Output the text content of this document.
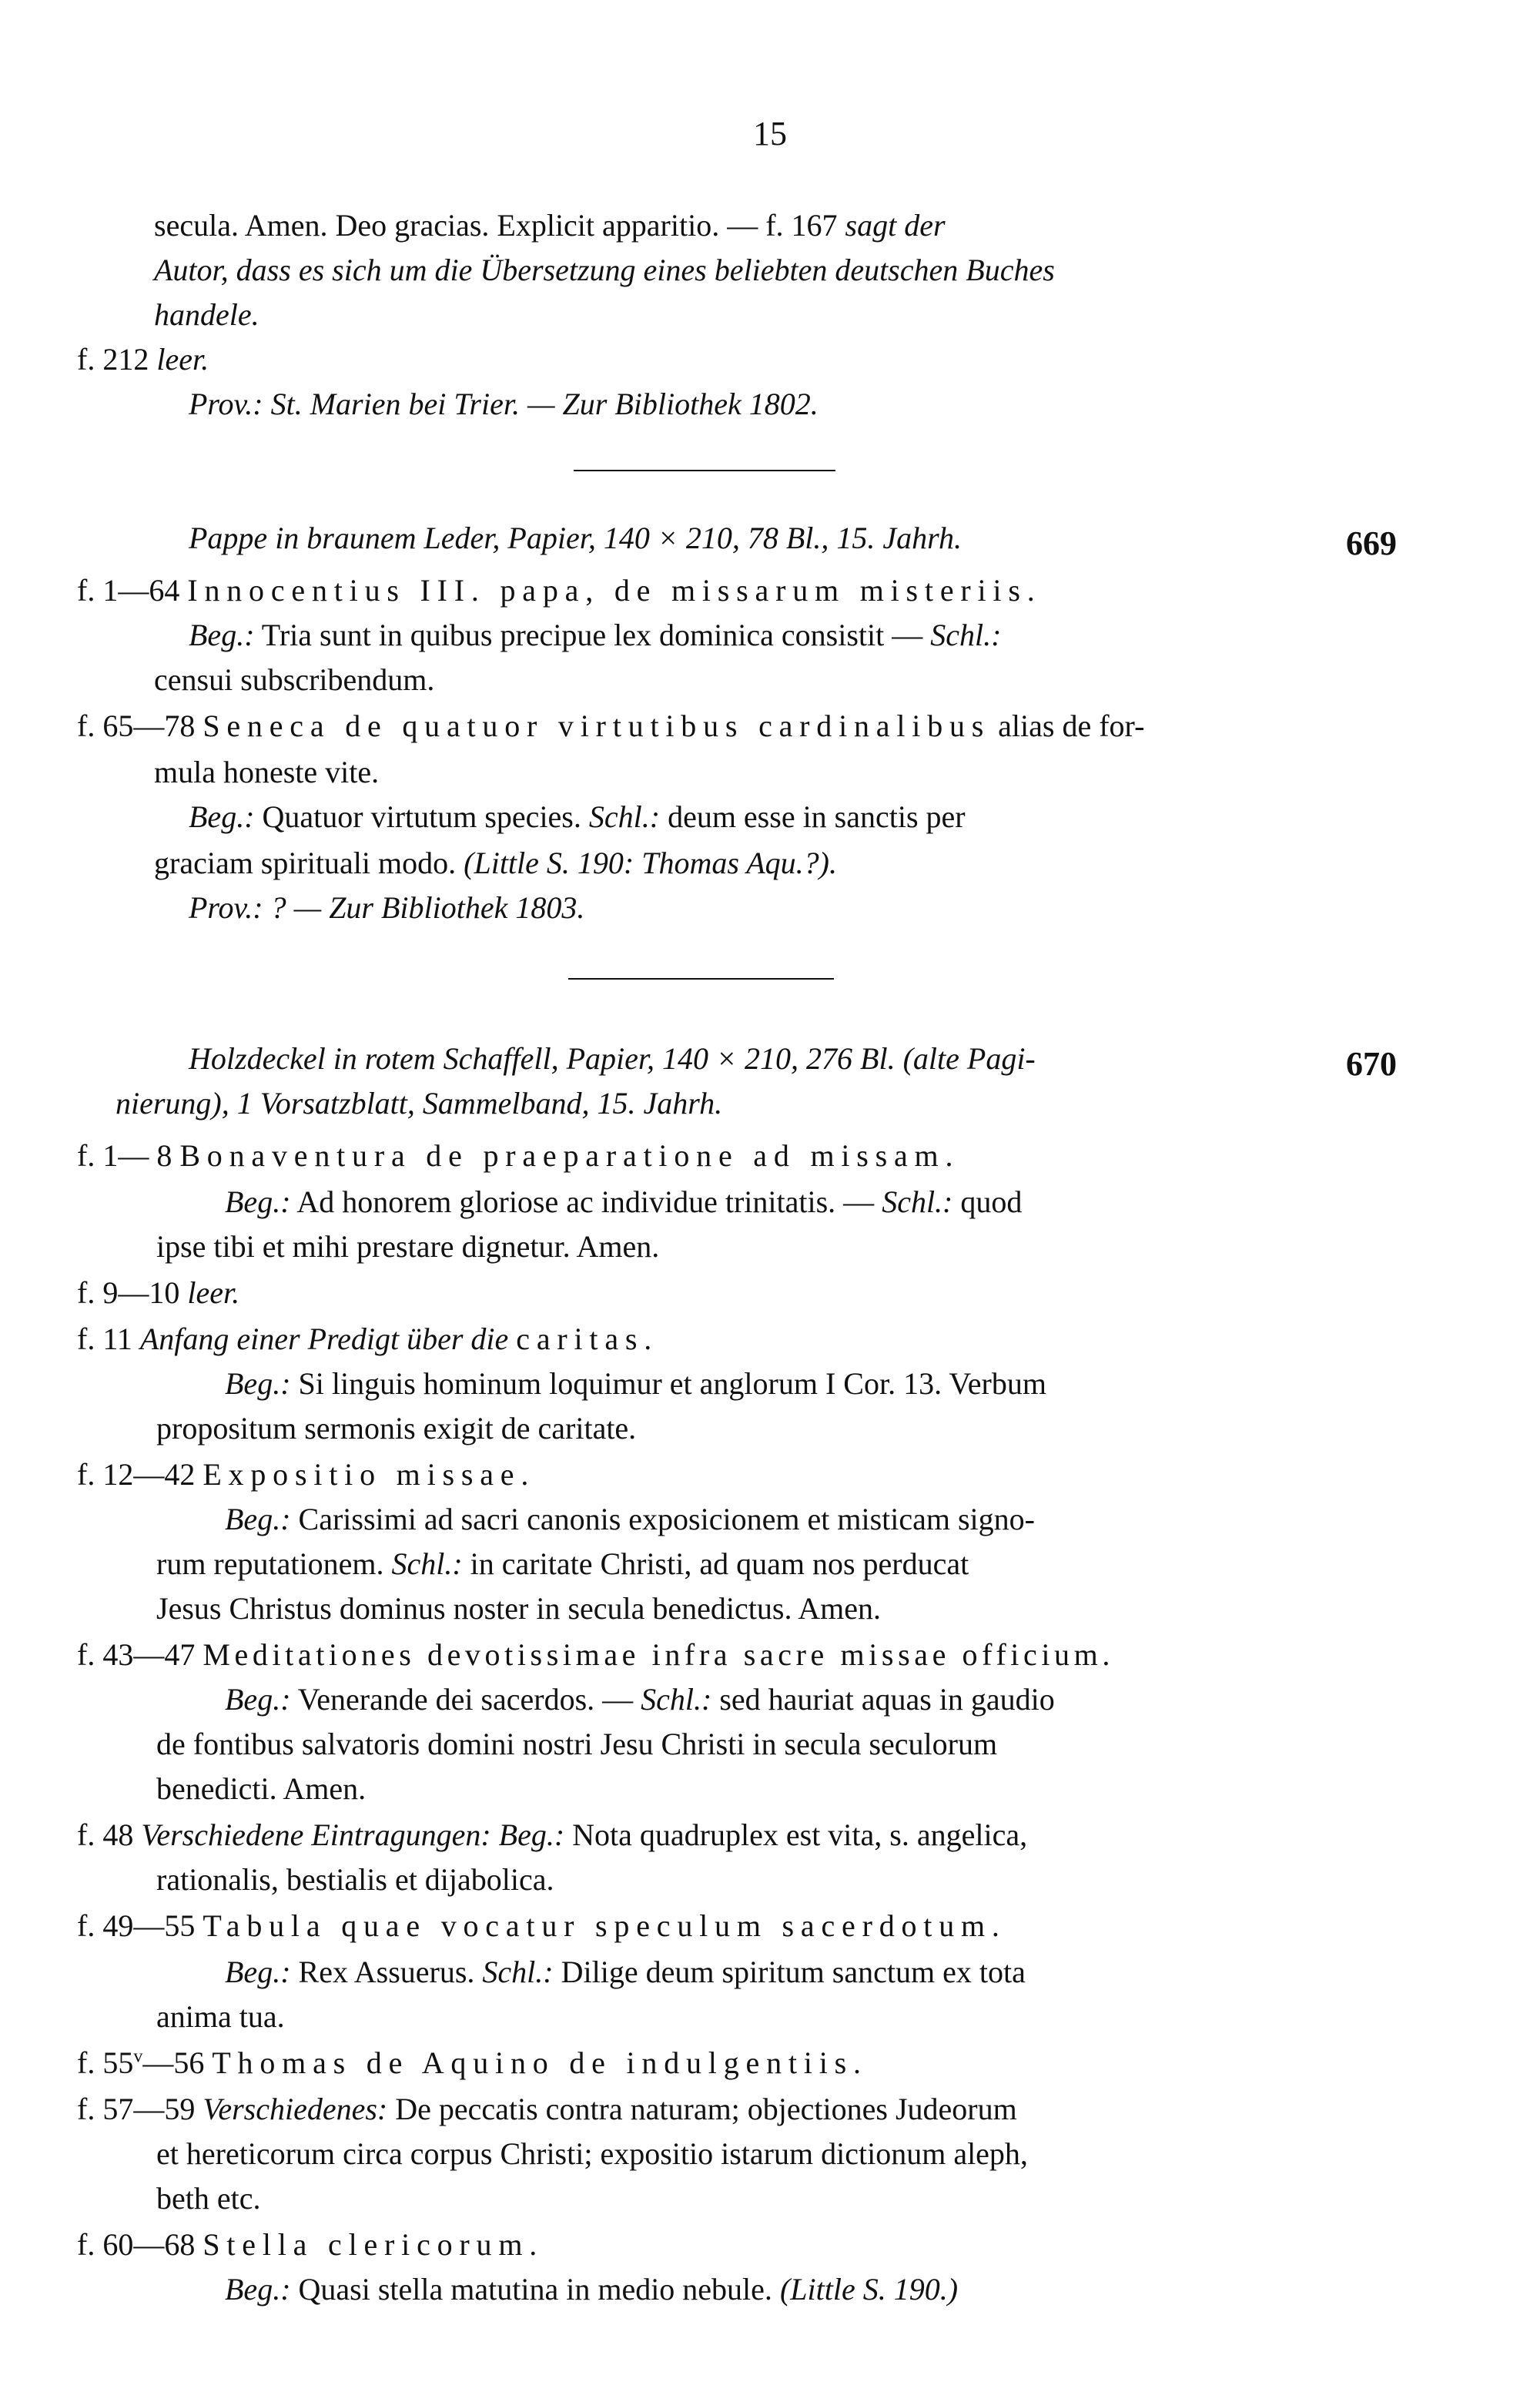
15
secula. Amen. Deo gracias. Explicit apparitio. — f. 167 sagt der
Autor, dass es sich um die Übersetzung eines beliebten deutschen Buches
handele.
f. 212 leer.
Prov.: St. Marien bei Trier. — Zur Bibliothek 1802.
Pappe in braunem Leder, Papier, 140 × 210, 78 Bl., 15. Jahrh.	669
f. 1—64 Innocentius III. papa, de missarum misteriis.
Beg.: Tria sunt in quibus precipue lex dominica consistit — Schl.:
censui subscribendum.
f. 65—78 Seneca de quatuor virtutibus cardinalibus alias de for-
mula honeste vite.
Beg.: Quatuor virtutum species. Schl.: deum esse in sanctis per
graciam spirituali modo. (Little S. 190: Thomas Aqu.?).
Prov.: ? — Zur Bibliothek 1803.
Holzdeckel in rotem Schaffell, Papier, 140 × 210, 276 Bl. (alte Pagi-	670
nierung), 1 Vorsatzblatt, Sammelband, 15. Jahrh.
f. 1— 8 Bonaventura de praeparatione ad missam.
Beg.: Ad honorem gloriose ac individue trinitatis. — Schl.: quod
ipse tibi et mihi prestare dignetur. Amen.
f. 9—10 leer.
f. 11 Anfang einer Predigt über die caritas.
Beg.: Si linguis hominum loquimur et anglorum I Cor. 13. Verbum
propositum sermonis exigit de caritate.
f. 12—42 Expositio missae.
Beg.: Carissimi ad sacri canonis exposicionem et misticam signo-
rum reputationem. Schl.: in caritate Christi, ad quam nos perducat
Jesus Christus dominus noster in secula benedictus. Amen.
f. 43—47 Meditationes devotissimae infra sacre missae officium.
Beg.: Venerande dei sacerdos. — Schl.: sed hauriat aquas in gaudio
de fontibus salvatoris domini nostri Jesu Christi in secula seculorum
benedicti. Amen.
f. 48 Verschiedene Eintragungen: Beg.: Nota quadruplex est vita, s. angelica,
rationalis, bestialis et dijabolica.
f. 49—55 Tabula quae vocatur speculum sacerdotum.
Beg.: Rex Assuerus. Schl.: Dilige deum spiritum sanctum ex tota
anima tua.
f. 55$^v$—56 Thomas de Aquino de indulgentiis.
f. 57—59 Verschiedenes: De peccatis contra naturam; objectiones Judeorum
et hereticorum circa corpus Christi; expositio istarum dictionum aleph,
beth etc.
f. 60—68 Stella clericorum.
Beg.: Quasi stella matutina in medio nebule. (Little S. 190.)
